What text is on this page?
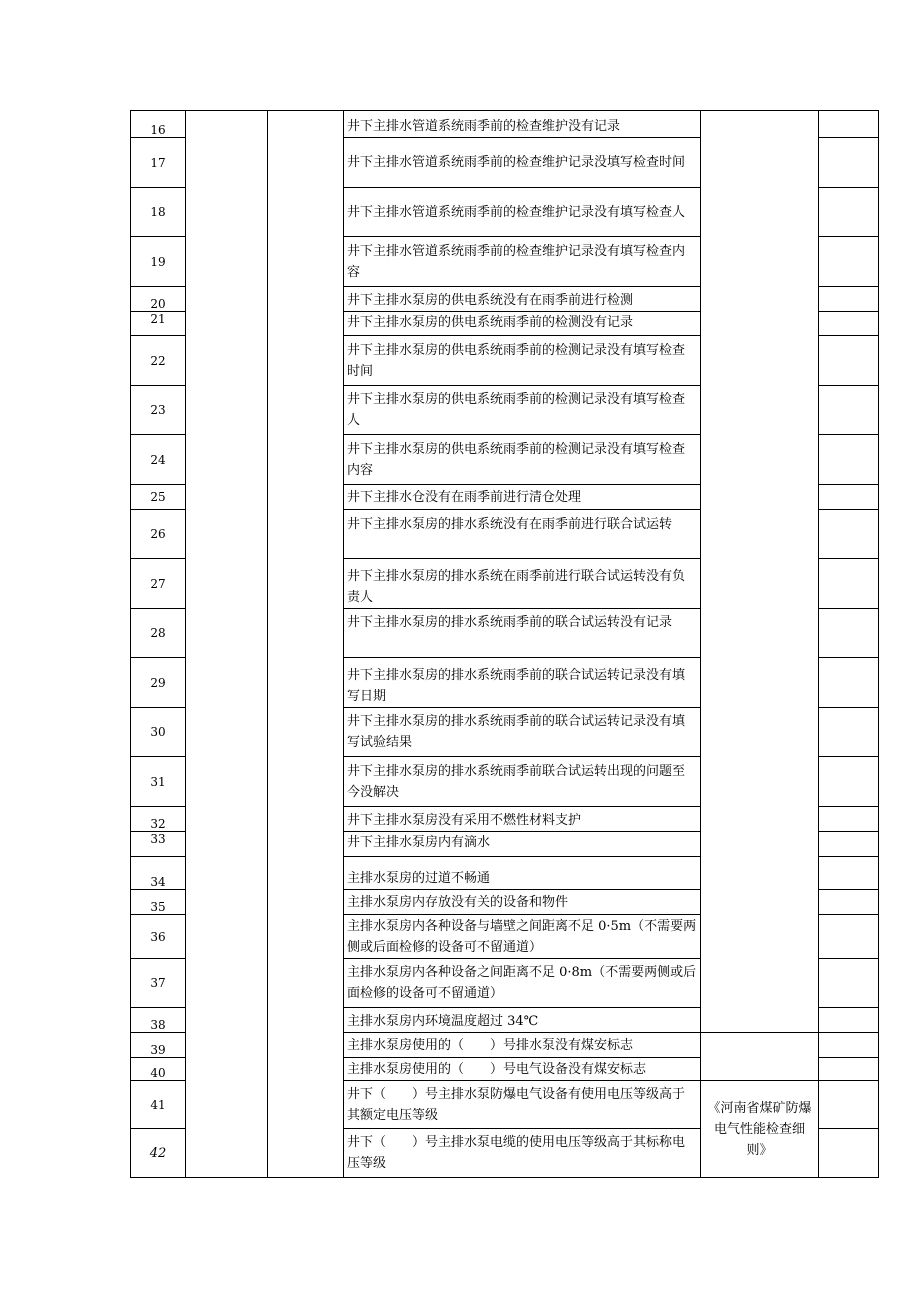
16			井下主排水管道系统雨季前的检查维护没有记录		
17			井下主排水管道系统雨季前的检查维护记录没填写检查时间		
18			井下主排水管道系统雨季前的检查维护记录没有填写检查人		
19			井下主排水管道系统雨季前的检查维护记录没有填写检查内容		
20			井下主排水泵房的供电系统没有在雨季前进行检测		
21			井下主排水泵房的供电系统雨季前的检测没有记录		
22			井下主排水泵房的供电系统雨季前的检测记录没有填写检查时间		
23			井下主排水泵房的供电系统雨季前的检测记录没有填写检查人		
24			井下主排水泵房的供电系统雨季前的检测记录没有填写检查内容		
25			井下主排水仓没有在雨季前进行清仓处理		
26			井下主排水泵房的排水系统没有在雨季前进行联合试运转		
27			井下主排水泵房的排水系统在雨季前进行联合试运转没有负责人		
28			井下主排水泵房的排水系统雨季前的联合试运转没有记录		
29			井下主排水泵房的排水系统雨季前的联合试运转记录没有填写日期		
30			井下主排水泵房的排水系统雨季前的联合试运转记录没有填写试验结果		
31			井下主排水泵房的排水系统雨季前联合试运转出现的问题至今没解决		
32			井下主排水泵房没有采用不燃性材料支护		
33			井下主排水泵房内有滴水		
34			主排水泵房的过道不畅通		
35			主排水泵房内存放没有关的设备和物件		
36			主排水泵房内各种设备与墙壁之间距离不足 0·5m（不需要两侧或后面检修的设备可不留通道）		
37			主排水泵房内各种设备之间距离不足 0·8m（不需要两侧或后面检修的设备可不留通道）		
38			主排水泵房内环境温度超过 34℃		
39			主排水泵房使用的（　　）号排水泵没有煤安标志		
40			主排水泵房使用的（　　）号电气设备没有煤安标志		
41			井下（　　）号主排水泵防爆电气设备有使用电压等级高于其额定电压等级	《河南省煤矿防爆电气性能检查细则》	
42			井下（　　）号主排水泵电缆的使用电压等级高于其标称电压等级		
